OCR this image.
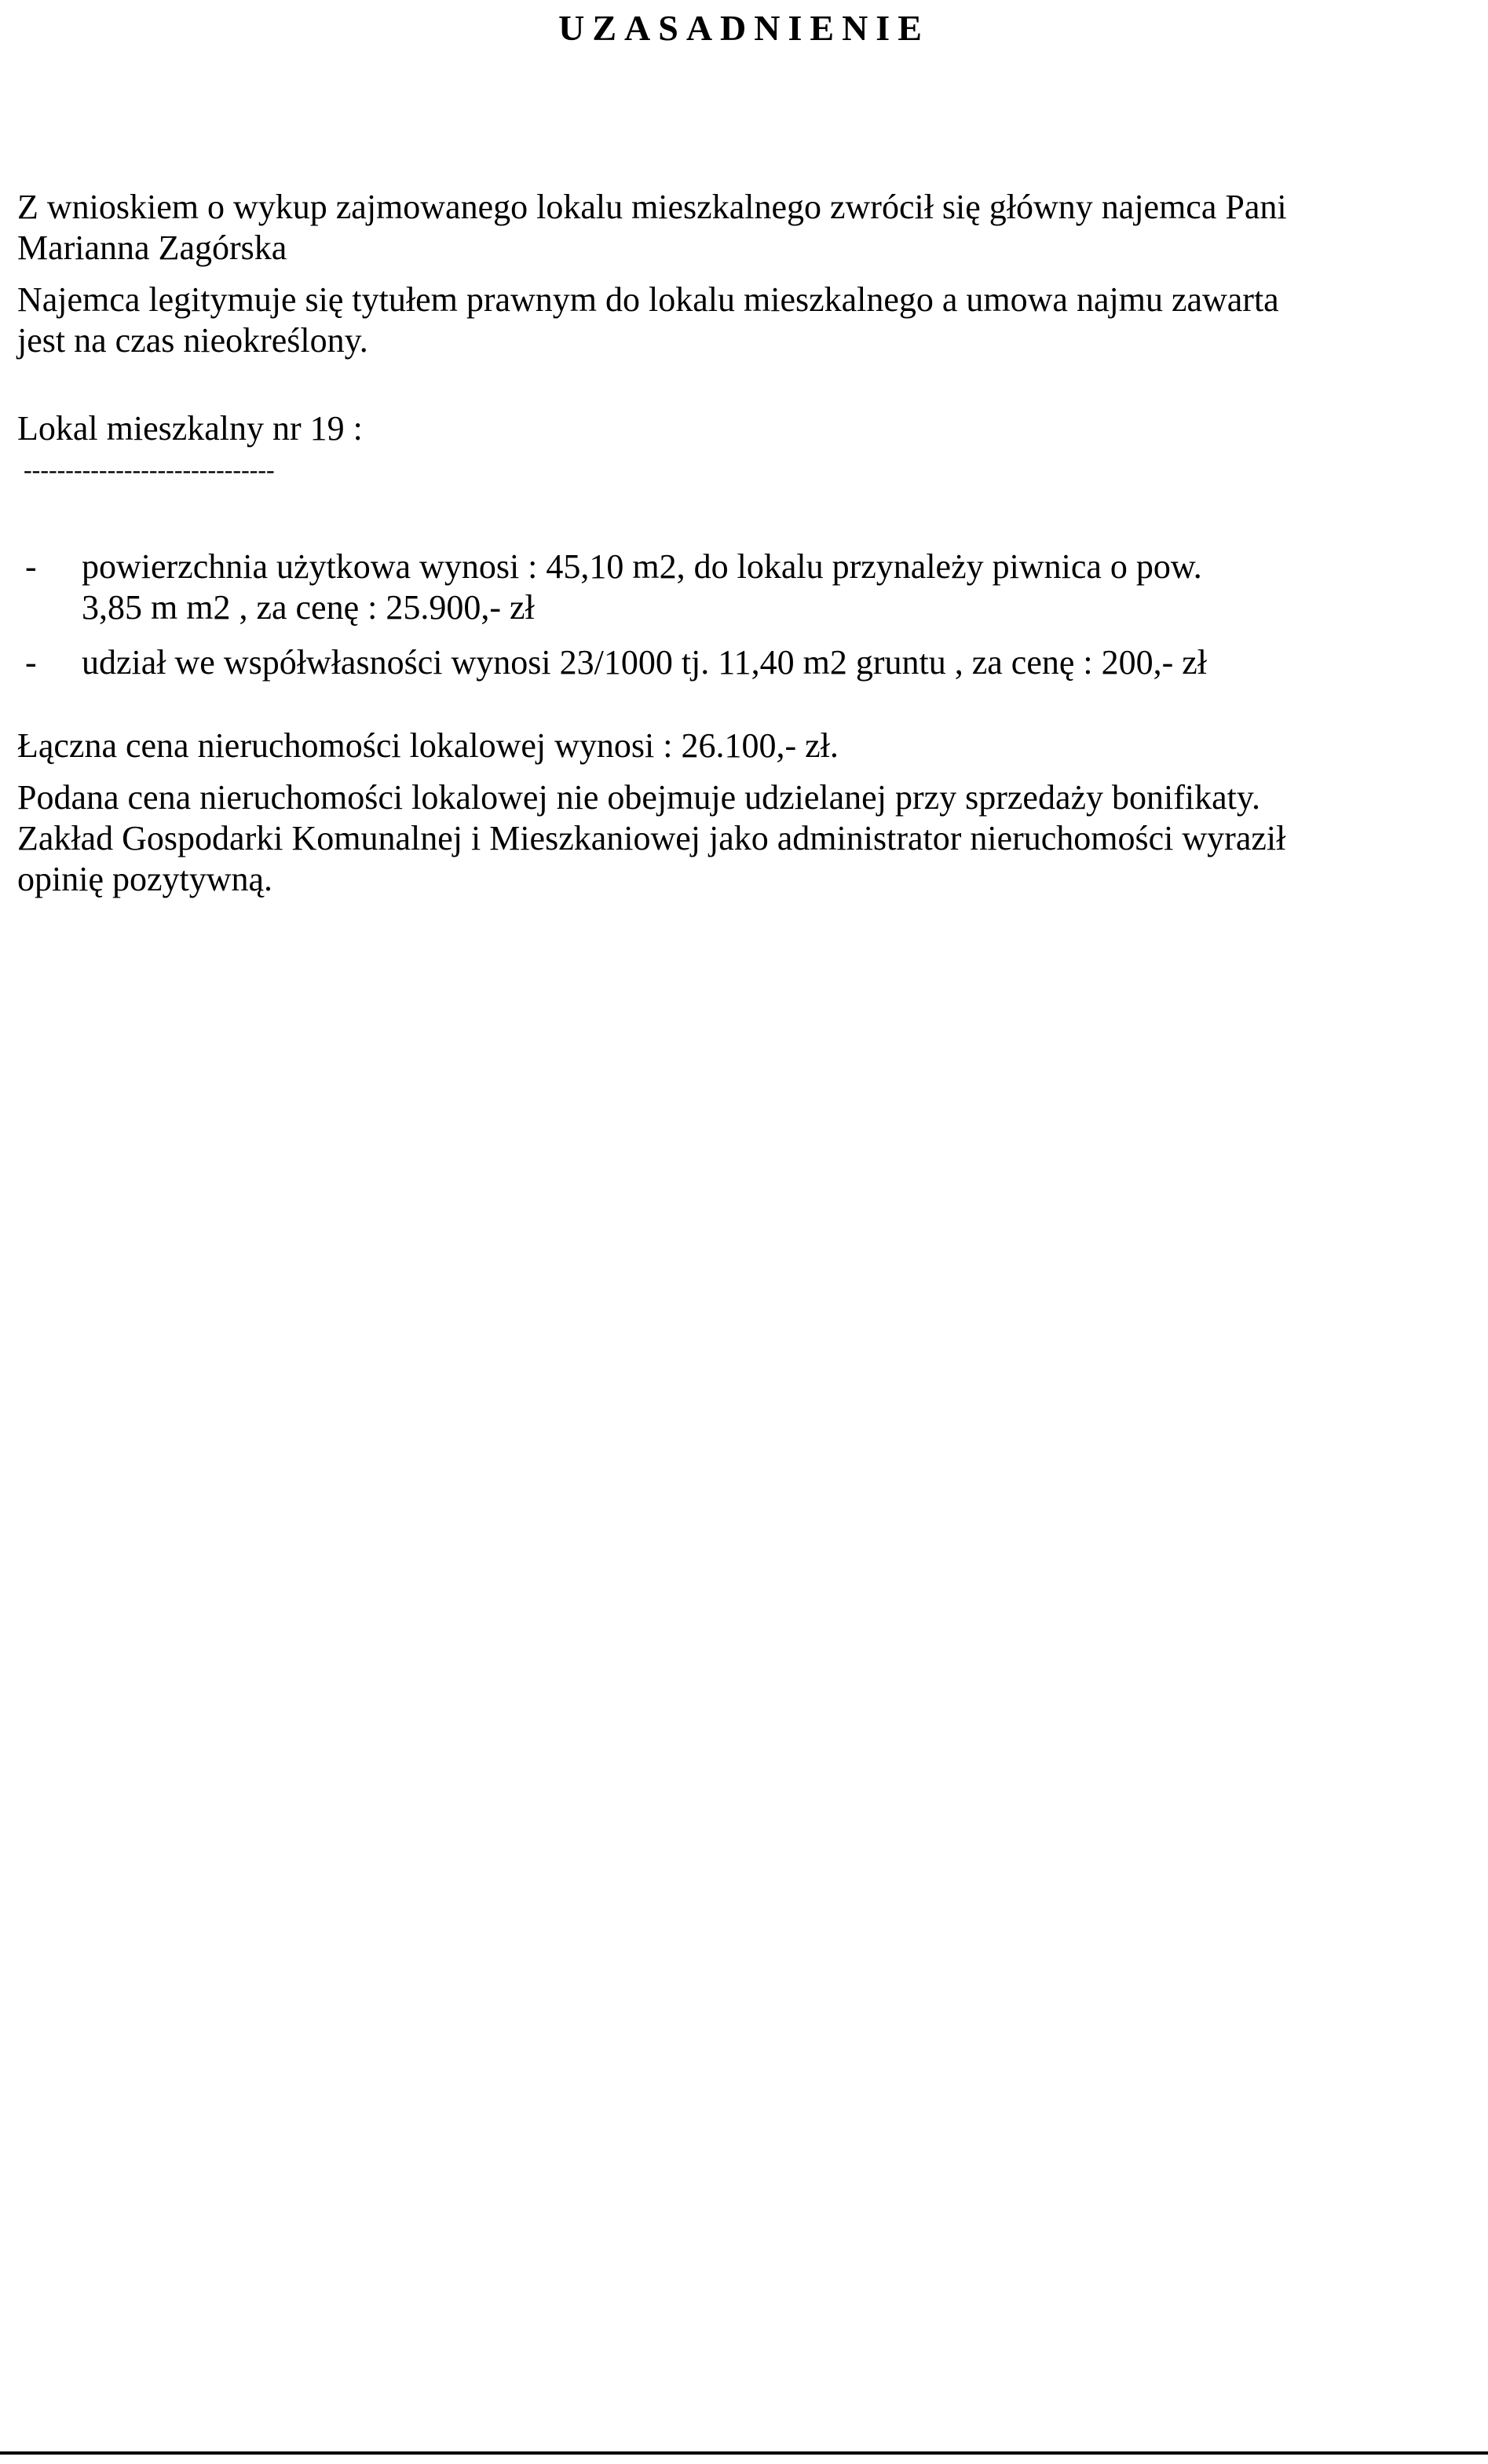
UZASADNIENIE
Z wnioskiem o wykup zajmowanego lokalu mieszkalnego zwrócił się główny najemca Pani
Marianna Zagórska
Najemca legitymuje się tytułem prawnym do lokalu mieszkalnego a umowa najmu zawarta
jest na czas nieokreślony.
Lokal mieszkalny nr 19 :
------------------------------
- powierzchnia użytkowa wynosi : 45,10 m2, do lokalu przynależy piwnica o pow.
3,85 m m2 , za cenę : 25.900,- zł
- udział we współwłasności wynosi 23/1000 tj. 11,40 m2 gruntu , za cenę : 200,- zł
Łączna cena nieruchomości lokalowej wynosi : 26.100,- zł.
Podana cena nieruchomości lokalowej nie obejmuje udzielanej przy sprzedaży bonifikaty.
Zakład Gospodarki Komunalnej i Mieszkaniowej jako administrator nieruchomości wyraził
opinię pozytywną.
